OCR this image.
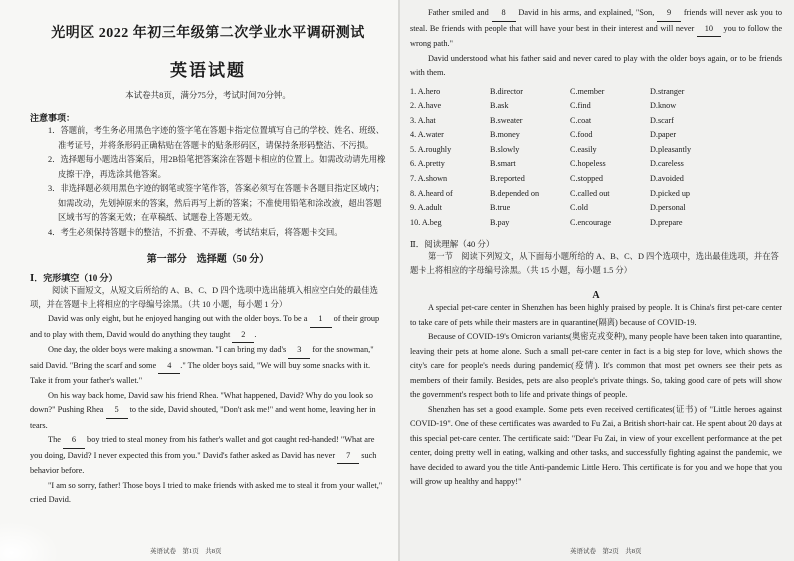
光明区 2022 年初三年级第二次学业水平调研测试
英语试题
本试卷共8页，满分75分，考试时间70分钟。
注意事项：
1．答题前，考生务必用黑色字迹的签字笔在答题卡指定位置填写自己的学校、姓名、班级、准考证号，并将条形码正确粘贴在答题卡的贴条形码区，请保持条形码整洁、不污损。
2．选择题每小题选出答案后，用2B铅笔把答案涂在答题卡相应的位置上。如需改动请先用橡皮擦干净，再选涂其他答案。
3．非选择题必须用黑色字迹的钢笔或签字笔作答，答案必须写在答题卡各题目指定区域内；如需改动，先划掉原来的答案，然后再写上新的答案；不准使用铅笔和涂改液，超出答题区域书写的答案无效；在草稿纸、试题卷上答题无效。
4．考生必须保持答题卡的整洁，不折叠、不弄破，考试结束后，将答题卡交回。
第一部分　选择题（50 分）
Ⅰ．完形填空（10 分）
阅读下面短文，从短文后所给的 A、B、C、D 四个选项中选出能填入相应空白处的最佳选项，并在答题卡上将相应的字母编号涂黑。（共 10 小题，每小题 1 分）
David was only eight, but he enjoyed hanging out with the older boys. To be a 1 of their group and to play with them, David would do anything they taught 2 .
One day, the older boys were making a snowman. "I can bring my dad's 3 for the snowman," said David. "Bring the scarf and some 4 ." The older boys said, "We will buy some snacks with it. Take it from your father's wallet."
On his way back home, David saw his friend Rhea. "What happened, David? Why do you look so down?" Pushing Rhea 5 to the side, David shouted, "Don't ask me!" and went home, leaving her in tears.
The 6 boy tried to steal money from his father's wallet and got caught red-handed! "What are you doing, David? I never expected this from you." David's father asked as David has never 7 such behavior before.
"I am so sorry, father! Those boys I tried to make friends with asked me to steal it from your wallet," cried David.
英语试卷　第1页　共8页
Father smiled and 8 David in his arms, and explained, "Son, 9 friends will never ask you to steal. Be friends with people that will have your best in their interest and will never 10 you to follow the wrong path."
David understood what his father said and never cared to play with the older boys again, or to be friends with them.
1. A.hero	B.director	C.member	D.stranger
2. A.have	B.ask	C.find	D.know
3. A.hat	B.sweater	C.coat	D.scarf
4. A.water	B.money	C.food	D.paper
5. A.roughly	B.slowly	C.easily	D.pleasantly
6. A.pretty	B.smart	C.hopeless	D.careless
7. A.shown	B.reported	C.stopped	D.avoided
8. A.heard of	B.depended on	C.called out	D.picked up
9. A.adult	B.true	C.old	D.personal
10. A.beg	B.pay	C.encourage	D.prepare
Ⅱ．阅读理解（40 分）
第一节　阅读下列短文，从下面每小题所给的 A、B、C、D 四个选项中，选出最佳选项，并在答题卡上将相应的字母编号涂黑。（共 15 小题，每小题 1.5 分）
A
A special pet-care center in Shenzhen has been highly praised by people. It is China's first pet-care center to take care of pets while their masters are in quarantine(隔离) because of COVID-19.
Because of COVID-19's Omicron variants(奥密克戎变种), many people have been taken into quarantine, leaving their pets at home alone. Such a small pet-care center in fact is a big step for love, which shows the city's care for people's needs during pandemic(疫情). It's common that most pet owners see their pets as members of their family. Besides, pets are also people's private things. So, taking good care of pets will show the government's respect both to life and private things of people.
Shenzhen has set a good example. Some pets even received certificates(证书) of "Little heroes against COVID-19". One of these certificates was awarded to Fu Zai, a British short-hair cat. He spent about 20 days at this special pet-care center. The certificate said: "Dear Fu Zai, in view of your excellent performance at the pet center, doing pretty well in eating, walking and other tasks, and successfully fighting against the pandemic, we have decided to award you the title Anti-pandemic Little Hero. This certificate is for you and we hope that you will grow up healthy and happy!"
英语试卷　第2页　共8页
